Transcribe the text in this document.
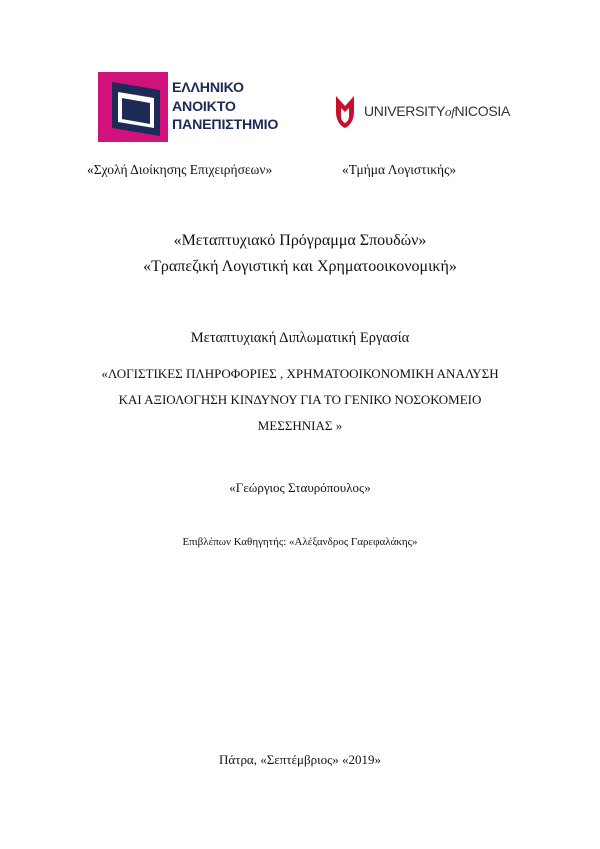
ΕΛΛΗΝΙΚΟ
ΑΝΟΙΚΤΟ
ΠΑΝΕΠΙΣΤΗΜΙΟ
UNIVERSITYofNICOSIA
«Σχολή Διοίκησης Επιχειρήσεων»	«Τμήμα Λογιστικής»
«Μεταπτυχιακό Πρόγραμμα Σπουδών»
«Τραπεζική Λογιστική και Χρηματοοικονομική»
Μεταπτυχιακή Διπλωματική Εργασία
«ΛΟΓΙΣΤΙΚΕΣ ΠΛΗΡΟΦΟΡΙΕΣ , ΧΡΗΜΑΤΟΟΙΚΟΝΟΜΙΚΗ ΑΝΑΛΥΣΗ
ΚΑΙ ΑΞΙΟΛΟΓΗΣΗ ΚΙΝΔΥΝΟΥ ΓΙΑ ΤΟ ΓΕΝΙΚΟ ΝΟΣΟΚΟΜΕΙΟ
ΜΕΣΣΗΝΙΑΣ »
«Γεώργιος Σταυρόπουλος»
Επιβλέπων Καθηγητής: «Αλέξανδρος Γαρεφαλάκης»
Πάτρα, «Σεπτέμβριος» «2019»
